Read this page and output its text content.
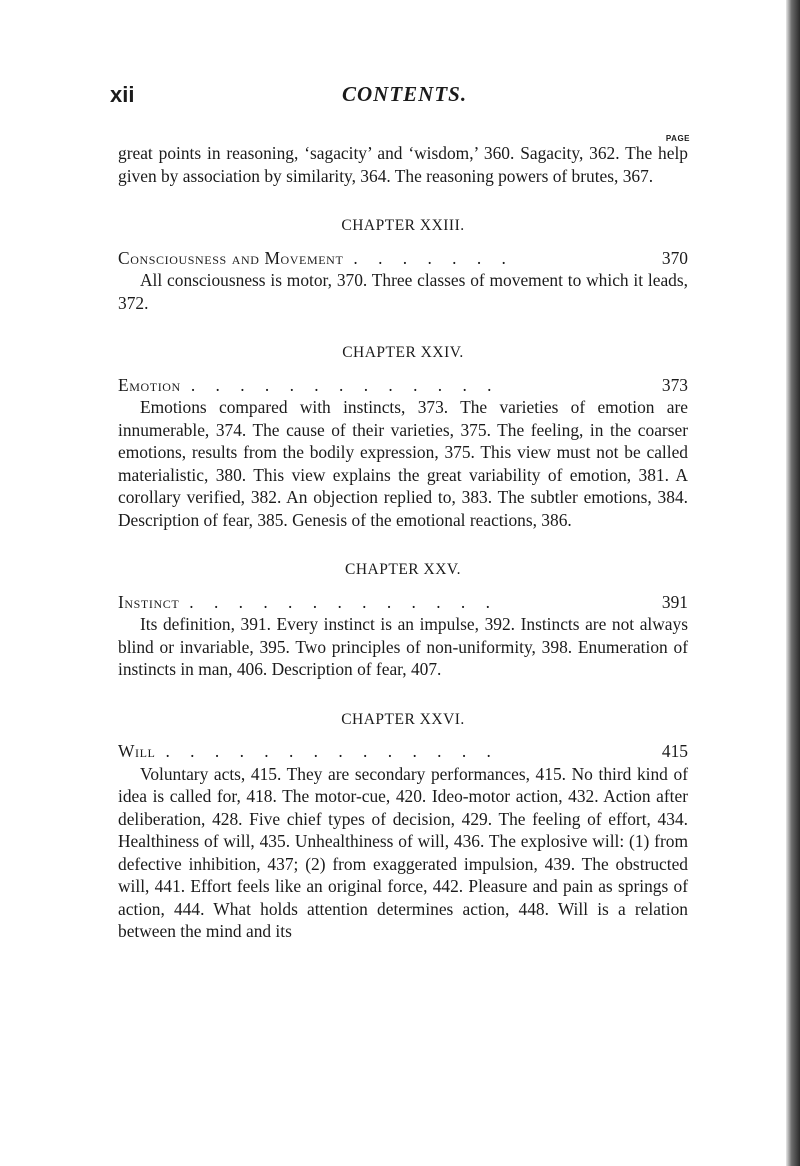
xii	CONTENTS.
PAGE

great points in reasoning, ‘sagacity’ and ‘wisdom,’ 360. Sagacity, 362. The help given by association by similarity, 364. The reasoning powers of brutes, 367.

CHAPTER XXIII.
Consciousness and Movement . . . . . . .	370

All consciousness is motor, 370. Three classes of movement to which it leads, 372.

CHAPTER XXIV.
Emotion . . . . . . . . . . . . .	373

Emotions compared with instincts, 373. The varieties of emotion are innumerable, 374. The cause of their varieties, 375. The feeling, in the coarser emotions, results from the bodily expression, 375. This view must not be called materialistic, 380. This view explains the great variability of emotion, 381. A corollary verified, 382. An objection replied to, 383. The subtler emotions, 384. Description of fear, 385. Genesis of the emotional reactions, 386.

CHAPTER XXV.
Instinct . . . . . . . . . . . . .	391

Its definition, 391. Every instinct is an impulse, 392. Instincts are not always blind or invariable, 395. Two principles of non-uniformity, 398. Enumeration of instincts in man, 406. Description of fear, 407.

CHAPTER XXVI.
Will . . . . . . . . . . . . . .	415

Voluntary acts, 415. They are secondary performances, 415. No third kind of idea is called for, 418. The motor-cue, 420. Ideo-motor action, 432. Action after deliberation, 428. Five chief types of decision, 429. The feeling of effort, 434. Healthiness of will, 435. Unhealthiness of will, 436. The explosive will: (1) from defective inhibition, 437; (2) from exaggerated impulsion, 439. The obstructed will, 441. Effort feels like an original force, 442. Pleasure and pain as springs of action, 444. What holds attention determines action, 448. Will is a relation between the mind and its
